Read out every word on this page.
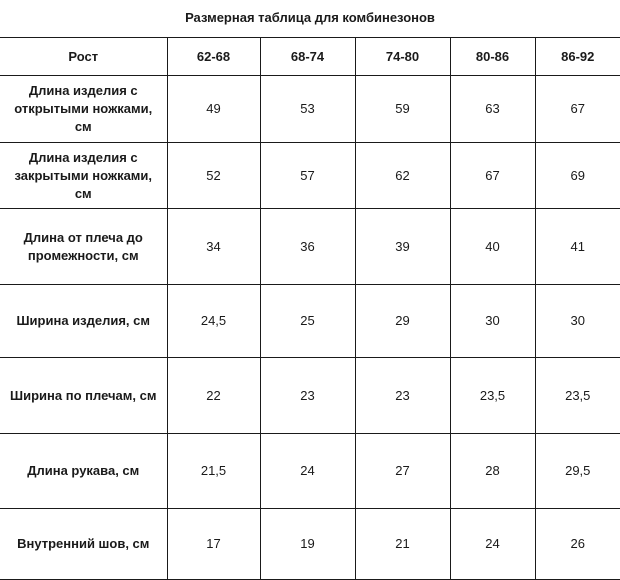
Размерная таблица для комбинезонов
Рост	62-68	68-74	74-80	80-86	86-92
Длина изделия с
открытыми ножками,
см	49	53	59	63	67
Длина изделия с
закрытыми ножками,
см	52	57	62	67	69
Длина от плеча до
промежности, см	34	36	39	40	41
Ширина изделия, см	24,5	25	29	30	30
Ширина по плечам, см	22	23	23	23,5	23,5
Длина рукава, см	21,5	24	27	28	29,5
Внутренний шов, см	17	19	21	24	26
